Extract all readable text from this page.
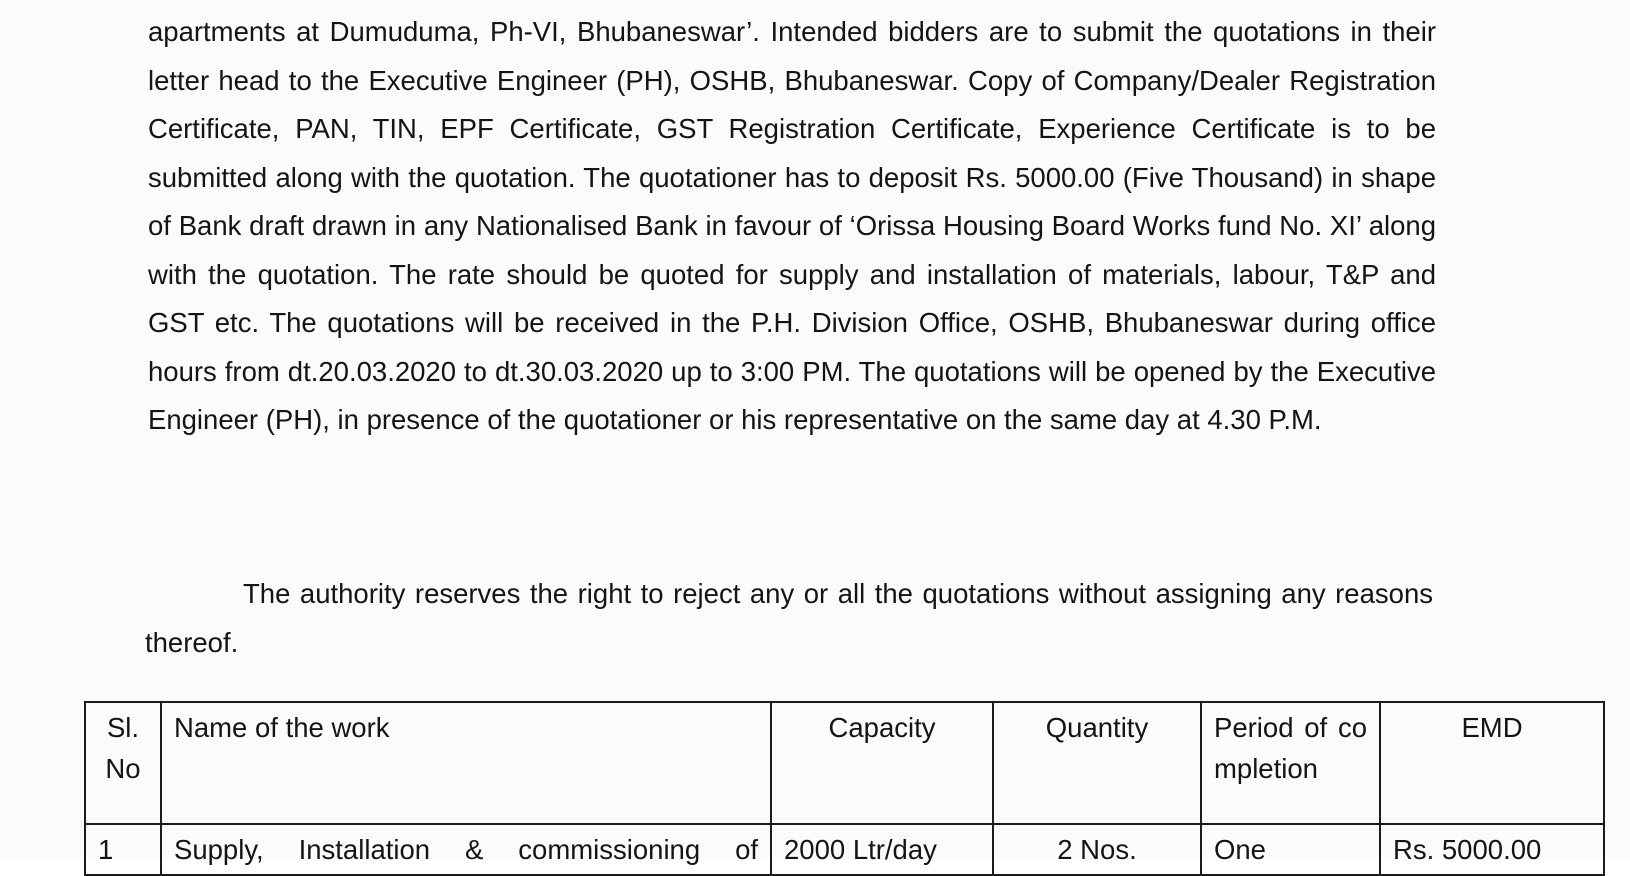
apartments at Dumuduma, Ph-VI, Bhubaneswar’. Intended bidders are to submit the quotations in their letter head to the Executive Engineer (PH), OSHB, Bhubaneswar. Copy of Company/Dealer Registration Certificate, PAN, TIN, EPF Certificate, GST Registration Certificate, Experience Certificate is to be submitted along with the quotation. The quotationer has to deposit Rs. 5000.00 (Five Thousand) in shape of Bank draft drawn in any Nationalised Bank in favour of ‘Orissa Housing Board Works fund No. XI’ along with the quotation. The rate should be quoted for supply and installation of materials, labour, T&P and GST etc. The quotations will be received in the P.H. Division Office, OSHB, Bhubaneswar during office hours from dt.20.03.2020 to dt.30.03.2020 up to 3:00 PM. The quotations will be opened by the Executive Engineer (PH), in presence of the quotationer or his representative on the same day at 4.30 P.M.

The authority reserves the right to reject any or all the quotations without assigning any reasons thereof.

Sl. No	Name of the work	Capacity	Quantity	Period of completion	EMD
1	Supply, Installation & commissioning of	2000 Ltr/day	2 Nos.	One	Rs. 5000.00
